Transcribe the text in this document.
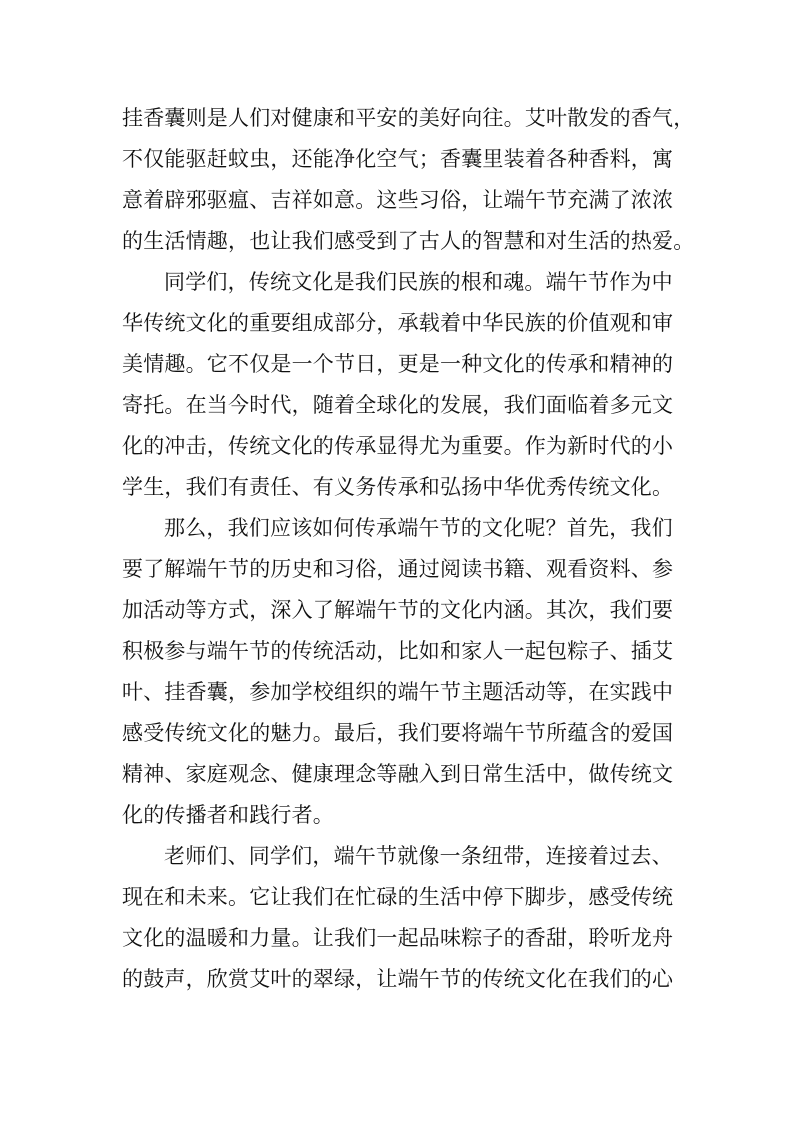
挂香囊则是人们对健康和平安的美好向往。艾叶散发的香气，
不仅能驱赶蚊虫，还能净化空气；香囊里装着各种香料，寓
意着辟邪驱瘟、吉祥如意。这些习俗，让端午节充满了浓浓
的生活情趣，也让我们感受到了古人的智慧和对生活的热爱。
同学们，传统文化是我们民族的根和魂。端午节作为中
华传统文化的重要组成部分，承载着中华民族的价值观和审
美情趣。它不仅是一个节日，更是一种文化的传承和精神的
寄托。在当今时代，随着全球化的发展，我们面临着多元文
化的冲击，传统文化的传承显得尤为重要。作为新时代的小
学生，我们有责任、有义务传承和弘扬中华优秀传统文化。
那么，我们应该如何传承端午节的文化呢？首先，我们
要了解端午节的历史和习俗，通过阅读书籍、观看资料、参
加活动等方式，深入了解端午节的文化内涵。其次，我们要
积极参与端午节的传统活动，比如和家人一起包粽子、插艾
叶、挂香囊，参加学校组织的端午节主题活动等，在实践中
感受传统文化的魅力。最后，我们要将端午节所蕴含的爱国
精神、家庭观念、健康理念等融入到日常生活中，做传统文
化的传播者和践行者。
老师们、同学们，端午节就像一条纽带，连接着过去、
现在和未来。它让我们在忙碌的生活中停下脚步，感受传统
文化的温暖和力量。让我们一起品味粽子的香甜，聆听龙舟
的鼓声，欣赏艾叶的翠绿，让端午节的传统文化在我们的心
